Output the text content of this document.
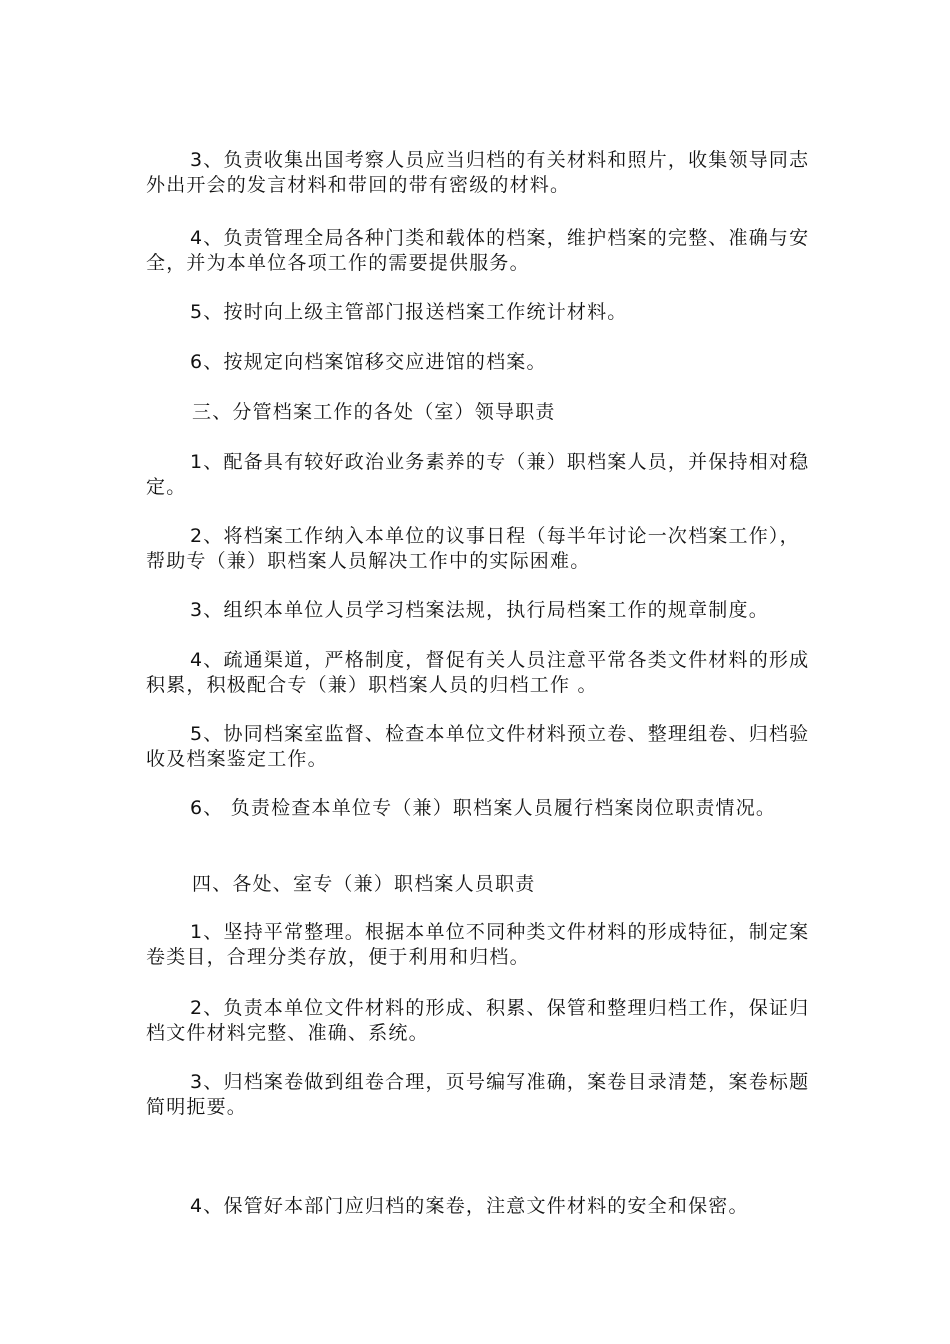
3、负责收集出国考察人员应当归档的有关材料和照片，收集领导同志外出开会的发言材料和带回的带有密级的材料。
4、负责管理全局各种门类和载体的档案，维护档案的完整、准确与安全，并为本单位各项工作的需要提供服务。
5、按时向上级主管部门报送档案工作统计材料。
6、按规定向档案馆移交应进馆的档案。
三、分管档案工作的各处（室）领导职责
1、配备具有较好政治业务素养的专（兼）职档案人员，并保持相对稳定。
2、将档案工作纳入本单位的议事日程（每半年讨论一次档案工作），帮助专（兼）职档案人员解决工作中的实际困难。
3、组织本单位人员学习档案法规，执行局档案工作的规章制度。
4、疏通渠道，严格制度，督促有关人员注意平常各类文件材料的形成积累，积极配合专（兼）职档案人员的归档工作 。
5、协同档案室监督、检查本单位文件材料预立卷、整理组卷、归档验收及档案鉴定工作。
6、 负责检查本单位专（兼）职档案人员履行档案岗位职责情况。
四、各处、室专（兼）职档案人员职责
1、坚持平常整理。根据本单位不同种类文件材料的形成特征，制定案卷类目，合理分类存放，便于利用和归档。
2、负责本单位文件材料的形成、积累、保管和整理归档工作，保证归档文件材料完整、准确、系统。
3、归档案卷做到组卷合理，页号编写准确，案卷目录清楚，案卷标题简明扼要。
4、保管好本部门应归档的案卷，注意文件材料的安全和保密。
